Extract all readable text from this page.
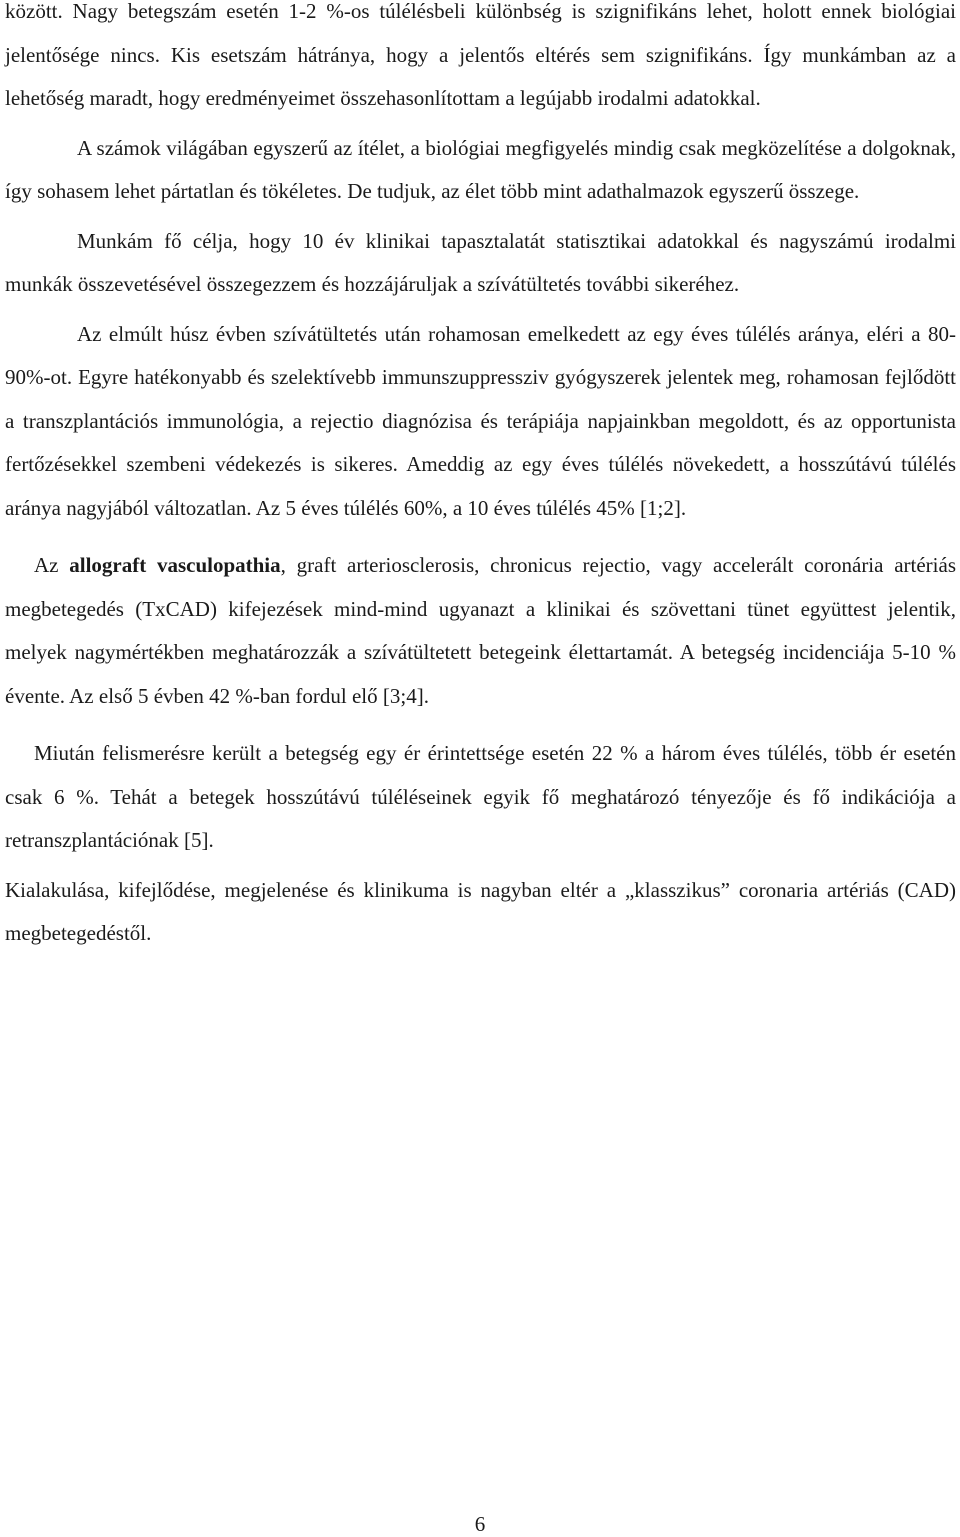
között. Nagy betegszám esetén 1-2 %-os túlélésbeli különbség is szignifikáns lehet, holott ennek biológiai jelentősége nincs. Kis esetszám hátránya, hogy a jelentős eltérés sem szignifikáns. Így munkámban az a lehetőség maradt, hogy eredményeimet összehasonlítottam a legújabb irodalmi adatokkal.

A számok világában egyszerű az ítélet, a biológiai megfigyelés mindig csak megközelítése a dolgoknak, így sohasem lehet pártatlan és tökéletes. De tudjuk, az élet több mint adathalmazok egyszerű összege.

Munkám fő célja, hogy 10 év klinikai tapasztalatát statisztikai adatokkal és nagyszámú irodalmi munkák összevetésével összegezzem és hozzájáruljak a szívátültetés további sikeréhez.

Az elmúlt húsz évben szívátültetés után rohamosan emelkedett az egy éves túlélés aránya, eléri a 80-90%-ot. Egyre hatékonyabb és szelektívebb immunszuppressziv gyógyszerek jelentek meg, rohamosan fejlődött a transzplantációs immunológia, a rejectio diagnózisa és terápiája napjainkban megoldott, és az opportunista fertőzésekkel szembeni védekezés is sikeres. Ameddig az egy éves túlélés növekedett, a hosszútávú túlélés aránya nagyjából változatlan. Az 5 éves túlélés 60%, a 10 éves túlélés 45% [1;2].

Az allograft vasculopathia, graft arteriosclerosis, chronicus rejectio, vagy accelerált coronária artériás megbetegedés (TxCAD) kifejezések mind-mind ugyanazt a klinikai és szövettani tünet együttest jelentik, melyek nagymértékben meghatározzák a szívátültetett betegeink élettartamát. A betegség incidenciája 5-10 % évente. Az első 5 évben 42 %-ban fordul elő [3;4].

Miután felismerésre került a betegség egy ér érintettsége esetén 22 % a három éves túlélés, több ér esetén csak 6 %. Tehát a betegek hosszútávú túléléseinek egyik fő meghatározó tényezője és fő indikációja a retranszplantációnak [5].

Kialakulása, kifejlődése, megjelenése és klinikuma is nagyban eltér a „klasszikus” coronaria artériás (CAD) megbetegedéstől.

6
